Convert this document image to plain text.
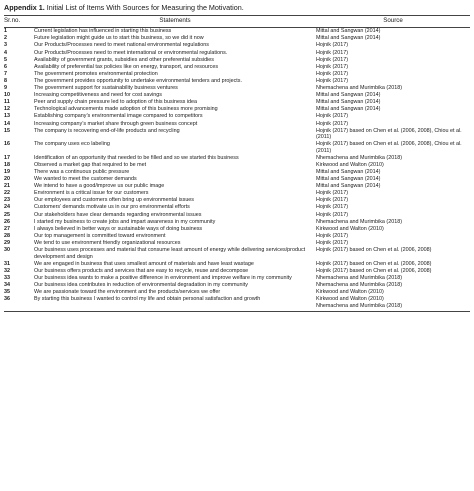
Appendix 1. Initial List of Items With Sources for Measuring the Motivation.
Sr.no.	Statements	Source
1	Current legislation has influenced in starting this business	Mittal and Sangwan (2014)
2	Future legislation might guide us to start this business, so we did it now	Mittal and Sangwan (2014)
3	Our Products/Processes need to meet national environmental regulations	Hojnik (2017)
4	Our Products/Processes need to meet international or environmental regulations.	Hojnik (2017)
5	Availability of government grants, subsidies and other preferential subsidies	Hojnik (2017)
6	Availability of preferential tax policies like on energy, transport, and resources	Hojnik (2017)
7	The government promotes environmental protection	Hojnik (2017)
8	The government provides opportunity to undertake environmental tenders and projects.	Hojnik (2017)
9	The government support for sustainability business ventures	Nhemachena and Murimbika (2018)
10	Increasing competitiveness and need for cost savings	Mittal and Sangwan (2014)
11	Peer and supply chain pressure led to adoption of this business idea	Mittal and Sangwan (2014)
12	Technological advancements made adoption of this business more promising	Mittal and Sangwan (2014)
13	Establishing company’s environmental image compared to competitors	Hojnik (2017)
14	Increasing company’s market share through green business concept	Hojnik (2017)
15	The company is recovering end-of-life products and recycling	Hojnik (2017) based on Chen et al. (2006, 2008), Chiou et al. (2011)
16	The company uses eco labeling	Hojnik (2017) based on Chen et al. (2006, 2008), Chiou et al. (2011)
17	Identification of an opportunity that needed to be filled and so we started this business	Nhemachena and Murimbika (2018)
18	Observed a market gap that required to be met	Kirkwood and Walton (2010)
19	There was a continuous public pressure	Mittal and Sangwan (2014)
20	We wanted to meet the customer demands	Mittal and Sangwan (2014)
21	We intend to have a good/improve us our public image	Mittal and Sangwan (2014)
22	Environment is a critical issue for our customers	Hojnik (2017)
23	Our employees and customers often bring up environmental issues	Hojnik (2017)
24	Customers’ demands motivate us in our pro environmental efforts	Hojnik (2017)
25	Our stakeholders have clear demands regarding environmental issues	Hojnik (2017)
26	I started my business to create jobs and impart awareness in my community	Nhemachena and Murimbika (2018)
27	I always believed in better ways or sustainable ways of doing business	Kirkwood and Walton (2010)
28	Our top management is committed toward environment	Hojnik (2017)
29	We tend to use environment friendly organizational resources	Hojnik (2017)
30	Our business uses processes and material that consume least amount of energy while delivering services/product development and design	Hojnik (2017) based on Chen et al. (2006, 2008)
31	We are engaged in business that uses smallest amount of materials and have least wastage	Hojnik (2017) based on Chen et al. (2006, 2008)
32	Our business offers products and services that are easy to recycle, reuse and decompose	Hojnik (2017) based on Chen et al. (2006, 2008)
33	Our business idea wants to make a positive difference in environment and improve welfare in my community	Nhemachena and Murimbika (2018)
34	Our business idea contributes in reduction of environmental degradation in my community	Nhemachena and Murimbika (2018)
35	We are passionate toward the environment and the products/services we offer	Kirkwood and Walton (2010)
36	By starting this business I wanted to control my life and obtain personal satisfaction and growth	Kirkwood and Walton (2010)
		Nhemachena and Murimbika (2018)
